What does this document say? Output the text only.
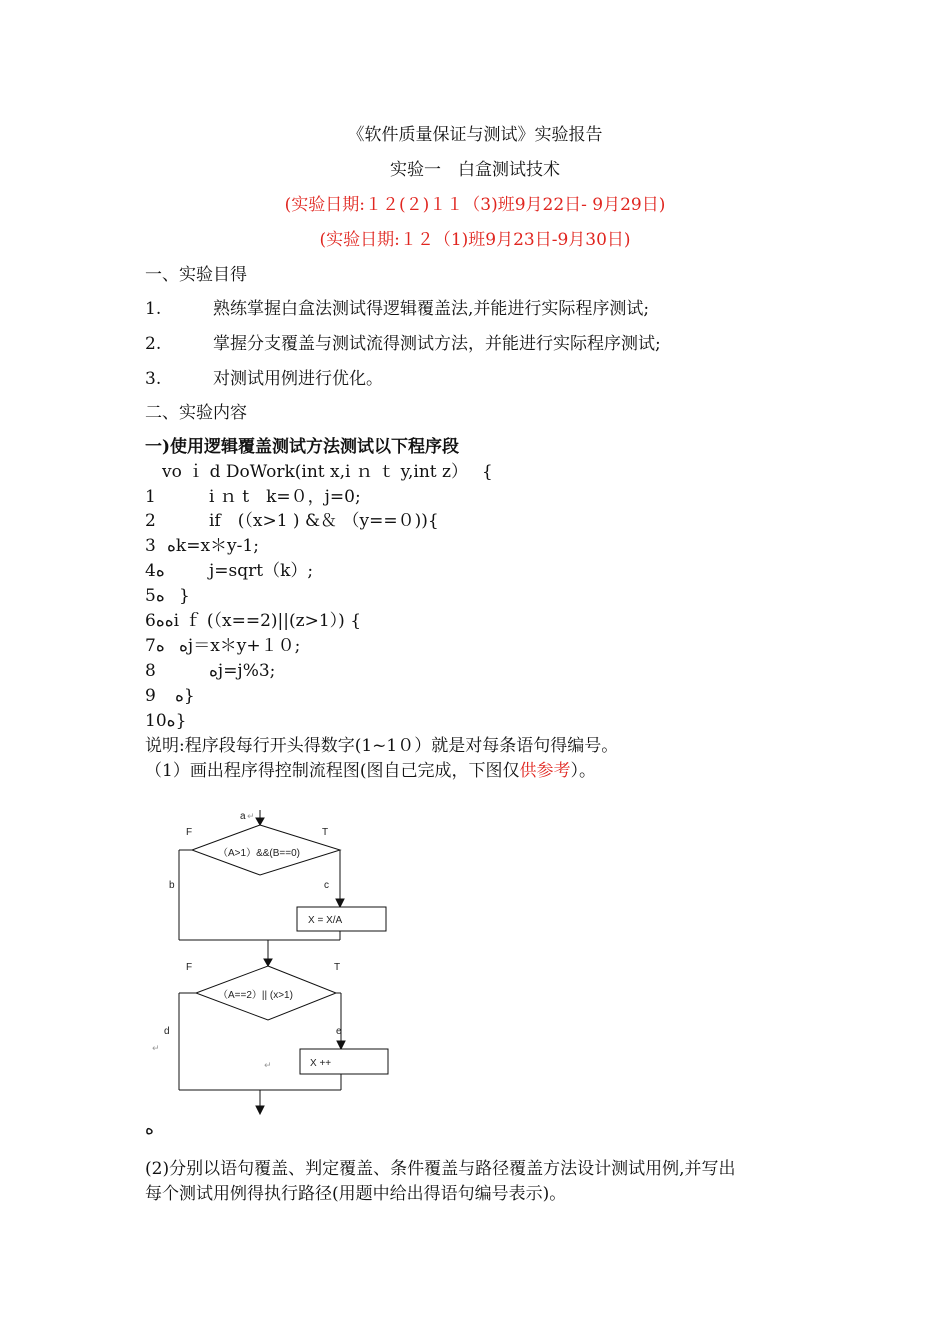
《软件质量保证与测试》实验报告
实验一　白盒测试技术
(实验日期:１２(２)１１（3)班9月22日- 9月29日)
(实验日期:１２（1)班9月23日-9月30日)
一、实验目得
1.	熟练掌握白盒法测试得逻辑覆盖法,并能进行实际程序测试;
2.	掌握分支覆盖与测试流得测试方法，并能进行实际程序测试;
3.	对测试用例进行优化。
二、实验内容
一)使用逻辑覆盖测试方法测试以下程序段
　vo ｉ d DoWork(int x,i ｎ ｔ y,int z）　 {
1	i ｎ t　k=０，j=0;
2	if　(（x>1 ) &＆ （y==０)){
3 ﻩk=x＊y-1;
4ﻩ	j=sqrt（k）;
5ﻩ }
6ﻩﻩi ｆ (（x==2)||(z>1）) {
7ﻩ ﻩj＝x＊y+１０;
8	ﻩj=j%3;
9 ﻩ}
10ﻩ}
说明:程序段每行开头得数字(1~1０）就是对每条语句得编号。
（1）画出程序得控制流程图(图自己完成，下图仅供参考）。
a ↵
F	T
（A>1）&&(B==0)
b	c
X = X/A
F	T
（A==2）|| (x>1)
d	e
↵
↵	X ++
ﻩ
(2)分别以语句覆盖、判定覆盖、条件覆盖与路径覆盖方法设计测试用例,并写出
每个测试用例得执行路径(用题中给出得语句编号表示)。
